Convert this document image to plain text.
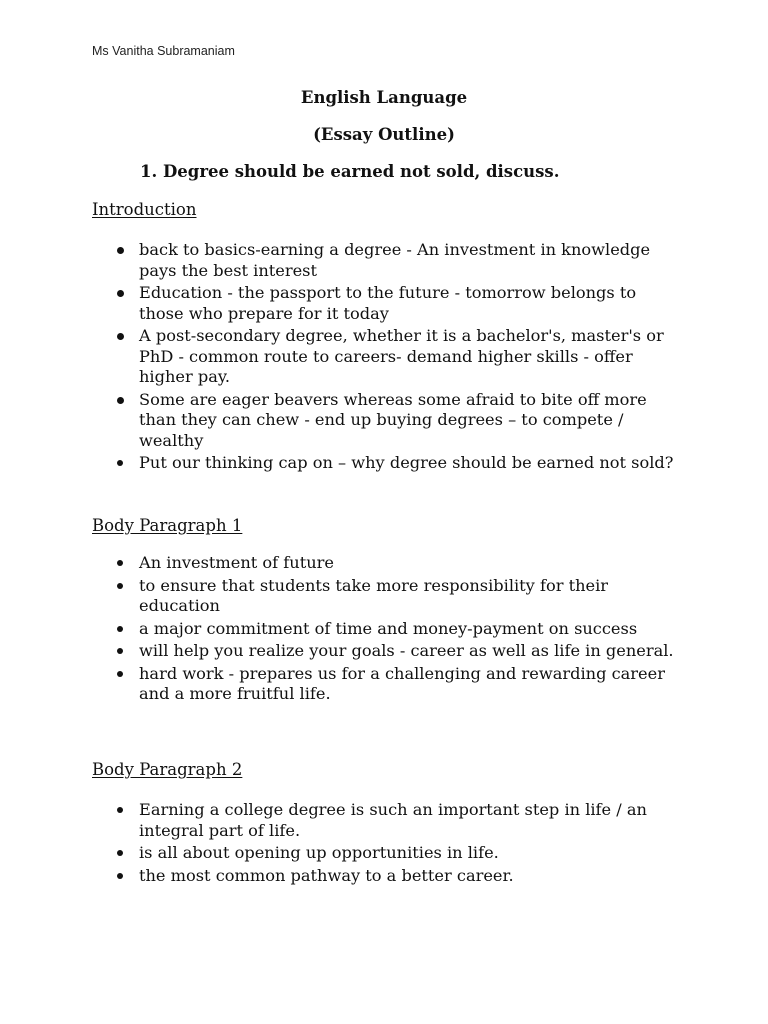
Ms Vanitha Subramaniam
English Language
(Essay Outline)
1. Degree should be earned not sold, discuss.

Introduction

back to basics-earning a degree - An investment in knowledge pays the best interest
Education - the passport to the future - tomorrow belongs to those who prepare for it today
A post-secondary degree, whether it is a bachelor's, master's or PhD - common route to careers- demand higher skills - offer higher pay.
Some are eager beavers whereas some afraid to bite off more than they can chew - end up buying degrees – to compete / wealthy
Put our thinking cap on – why degree should be earned not sold?

Body Paragraph 1

An investment of future
to ensure that students take more responsibility for their education
a major commitment of time and money-payment on success
will help you realize your goals - career as well as life in general.
hard work - prepares us for a challenging and rewarding career and a more fruitful life.

Body Paragraph 2

Earning a college degree is such an important step in life / an integral part of life.
is all about opening up opportunities in life.
the most common pathway to a better career.
